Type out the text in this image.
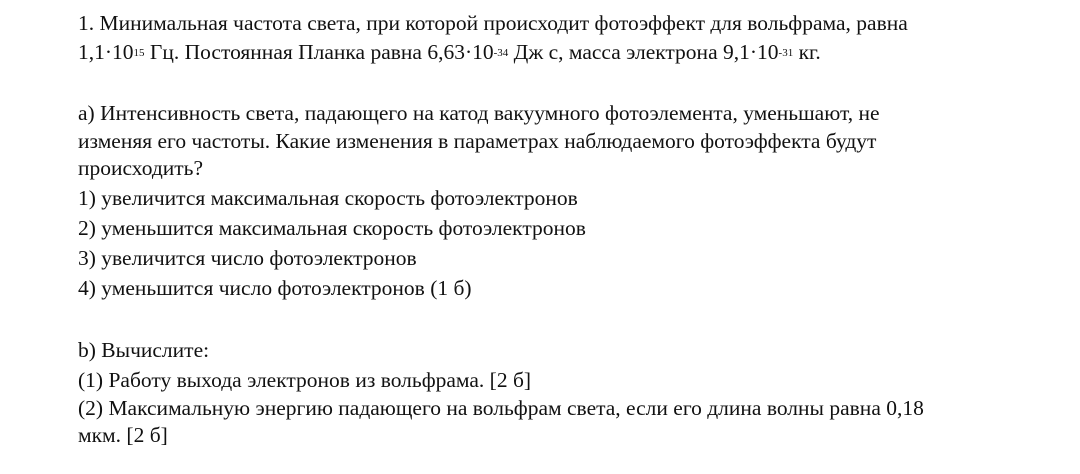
1. Минимальная частота света, при которой происходит фотоэффект для вольфрама, равна
$1,1\cdot 10^{15}$ Гц. Постоянная Планка равна $6,63\cdot 10^{-34}$ Дж с, масса электрона $9,1\cdot 10^{-31}$ кг.
а) Интенсивность света, падающего на катод вакуумного фотоэлемента, уменьшают, не
изменяя его частоты. Какие изменения в параметрах наблюдаемого фотоэффекта будут
происходить?
1) увеличится максимальная скорость фотоэлектронов
2) уменьшится максимальная скорость фотоэлектронов
3) увеличится число фотоэлектронов
4) уменьшится число фотоэлектронов (1 б)
b) Вычислите:
(1) Работу выхода электронов из вольфрама. [2 б]
(2) Максимальную энергию падающего на вольфрам света, если его длина волны равна 0,18
мкм. [2 б]
